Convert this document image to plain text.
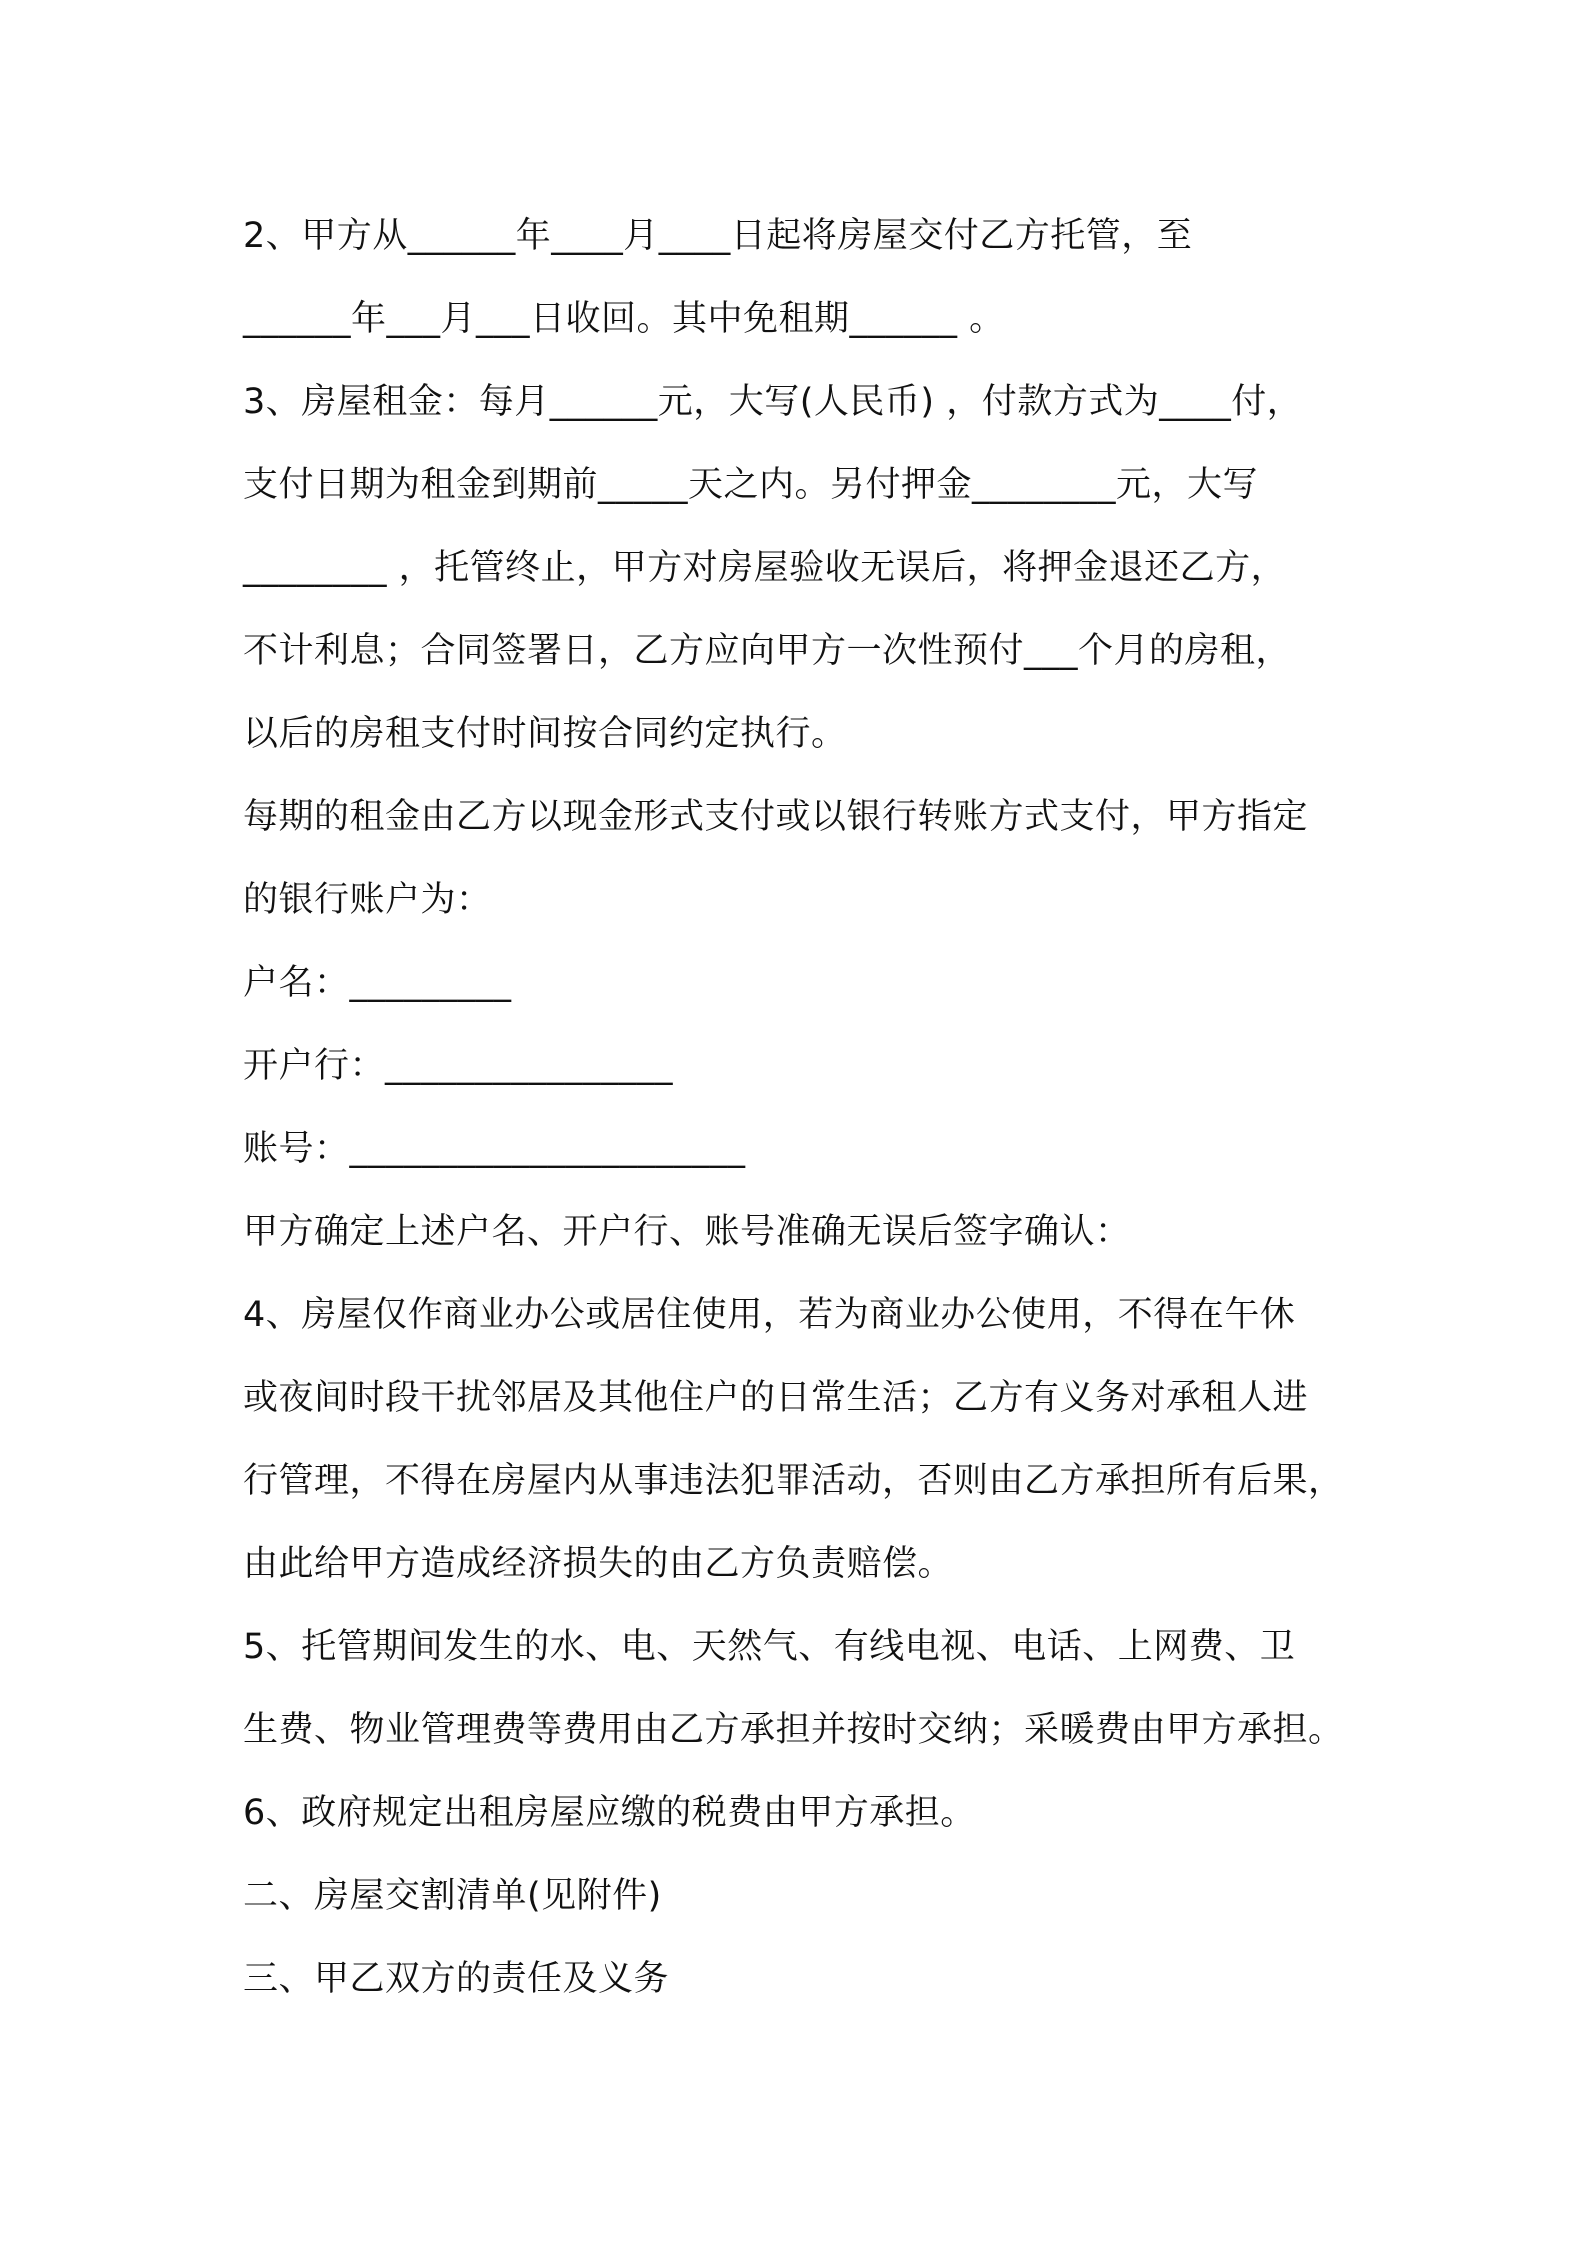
2、甲方从______年____月____日起将房屋交付乙方托管，至
______年___月___日收回。其中免租期______ 。
3、房屋租金：每月______元，大写(人民币) ，付款方式为____付，
支付日期为租金到期前_____天之内。另付押金________元，大写
________ ，托管终止，甲方对房屋验收无误后，将押金退还乙方，
不计利息；合同签署日，乙方应向甲方一次性预付___个月的房租，
以后的房租支付时间按合同约定执行。
每期的租金由乙方以现金形式支付或以银行转账方式支付，甲方指定
的银行账户为：
户名：_________
开户行：________________
账号：______________________
甲方确定上述户名、开户行、账号准确无误后签字确认：
4、房屋仅作商业办公或居住使用，若为商业办公使用，不得在午休
或夜间时段干扰邻居及其他住户的日常生活；乙方有义务对承租人进
行管理，不得在房屋内从事违法犯罪活动，否则由乙方承担所有后果，
由此给甲方造成经济损失的由乙方负责赔偿。
5、托管期间发生的水、电、天然气、有线电视、电话、上网费、卫
生费、物业管理费等费用由乙方承担并按时交纳；采暖费由甲方承担。
6、政府规定出租房屋应缴的税费由甲方承担。
二、房屋交割清单(见附件)
三、甲乙双方的责任及义务
